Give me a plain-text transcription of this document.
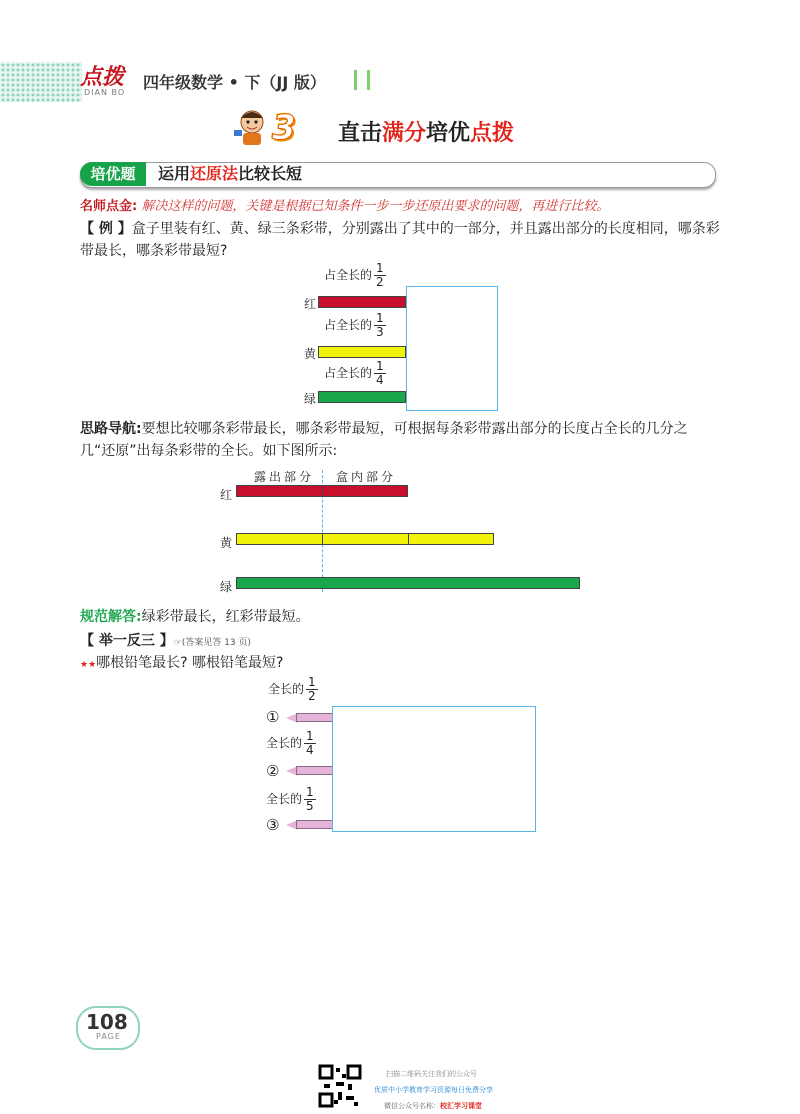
点拨
DIAN BO
四年级数学 • 下（JJ 版）
3 直击满分培优点拨
培优题	运用还原法比较长短
名师点金: 解决这样的问题，关键是根据已知条件一步一步还原出要求的问题，再进行比较。
【 例 】盒子里装有红、黄、绿三条彩带，分别露出了其中的一部分，并且露出部分的长度相同，哪条彩带最长，哪条彩带最短?
占全长的 $\frac{1}{2}$
红
占全长的 $\frac{1}{3}$
黄
占全长的 $\frac{1}{4}$
绿
思路导航:要想比较哪条彩带最长，哪条彩带最短，可根据每条彩带露出部分的长度占全长的几分之几“还原”出每条彩带的全长。如下图所示:
露出部分 盒内部分
红
黄
绿
规范解答:绿彩带最长，红彩带最短。
【 举一反三 】☞(答案见答 13 页)
★★哪根铅笔最长? 哪根铅笔最短?
全长的 $\frac{1}{2}$
①
全长的 $\frac{1}{4}$
②
全长的 $\frac{1}{5}$
③
108
PAGE
扫描二维码关注我们的公众号
优质中小学教育学习资源每日免费分享
微信公众号名称：校汇学习课堂
